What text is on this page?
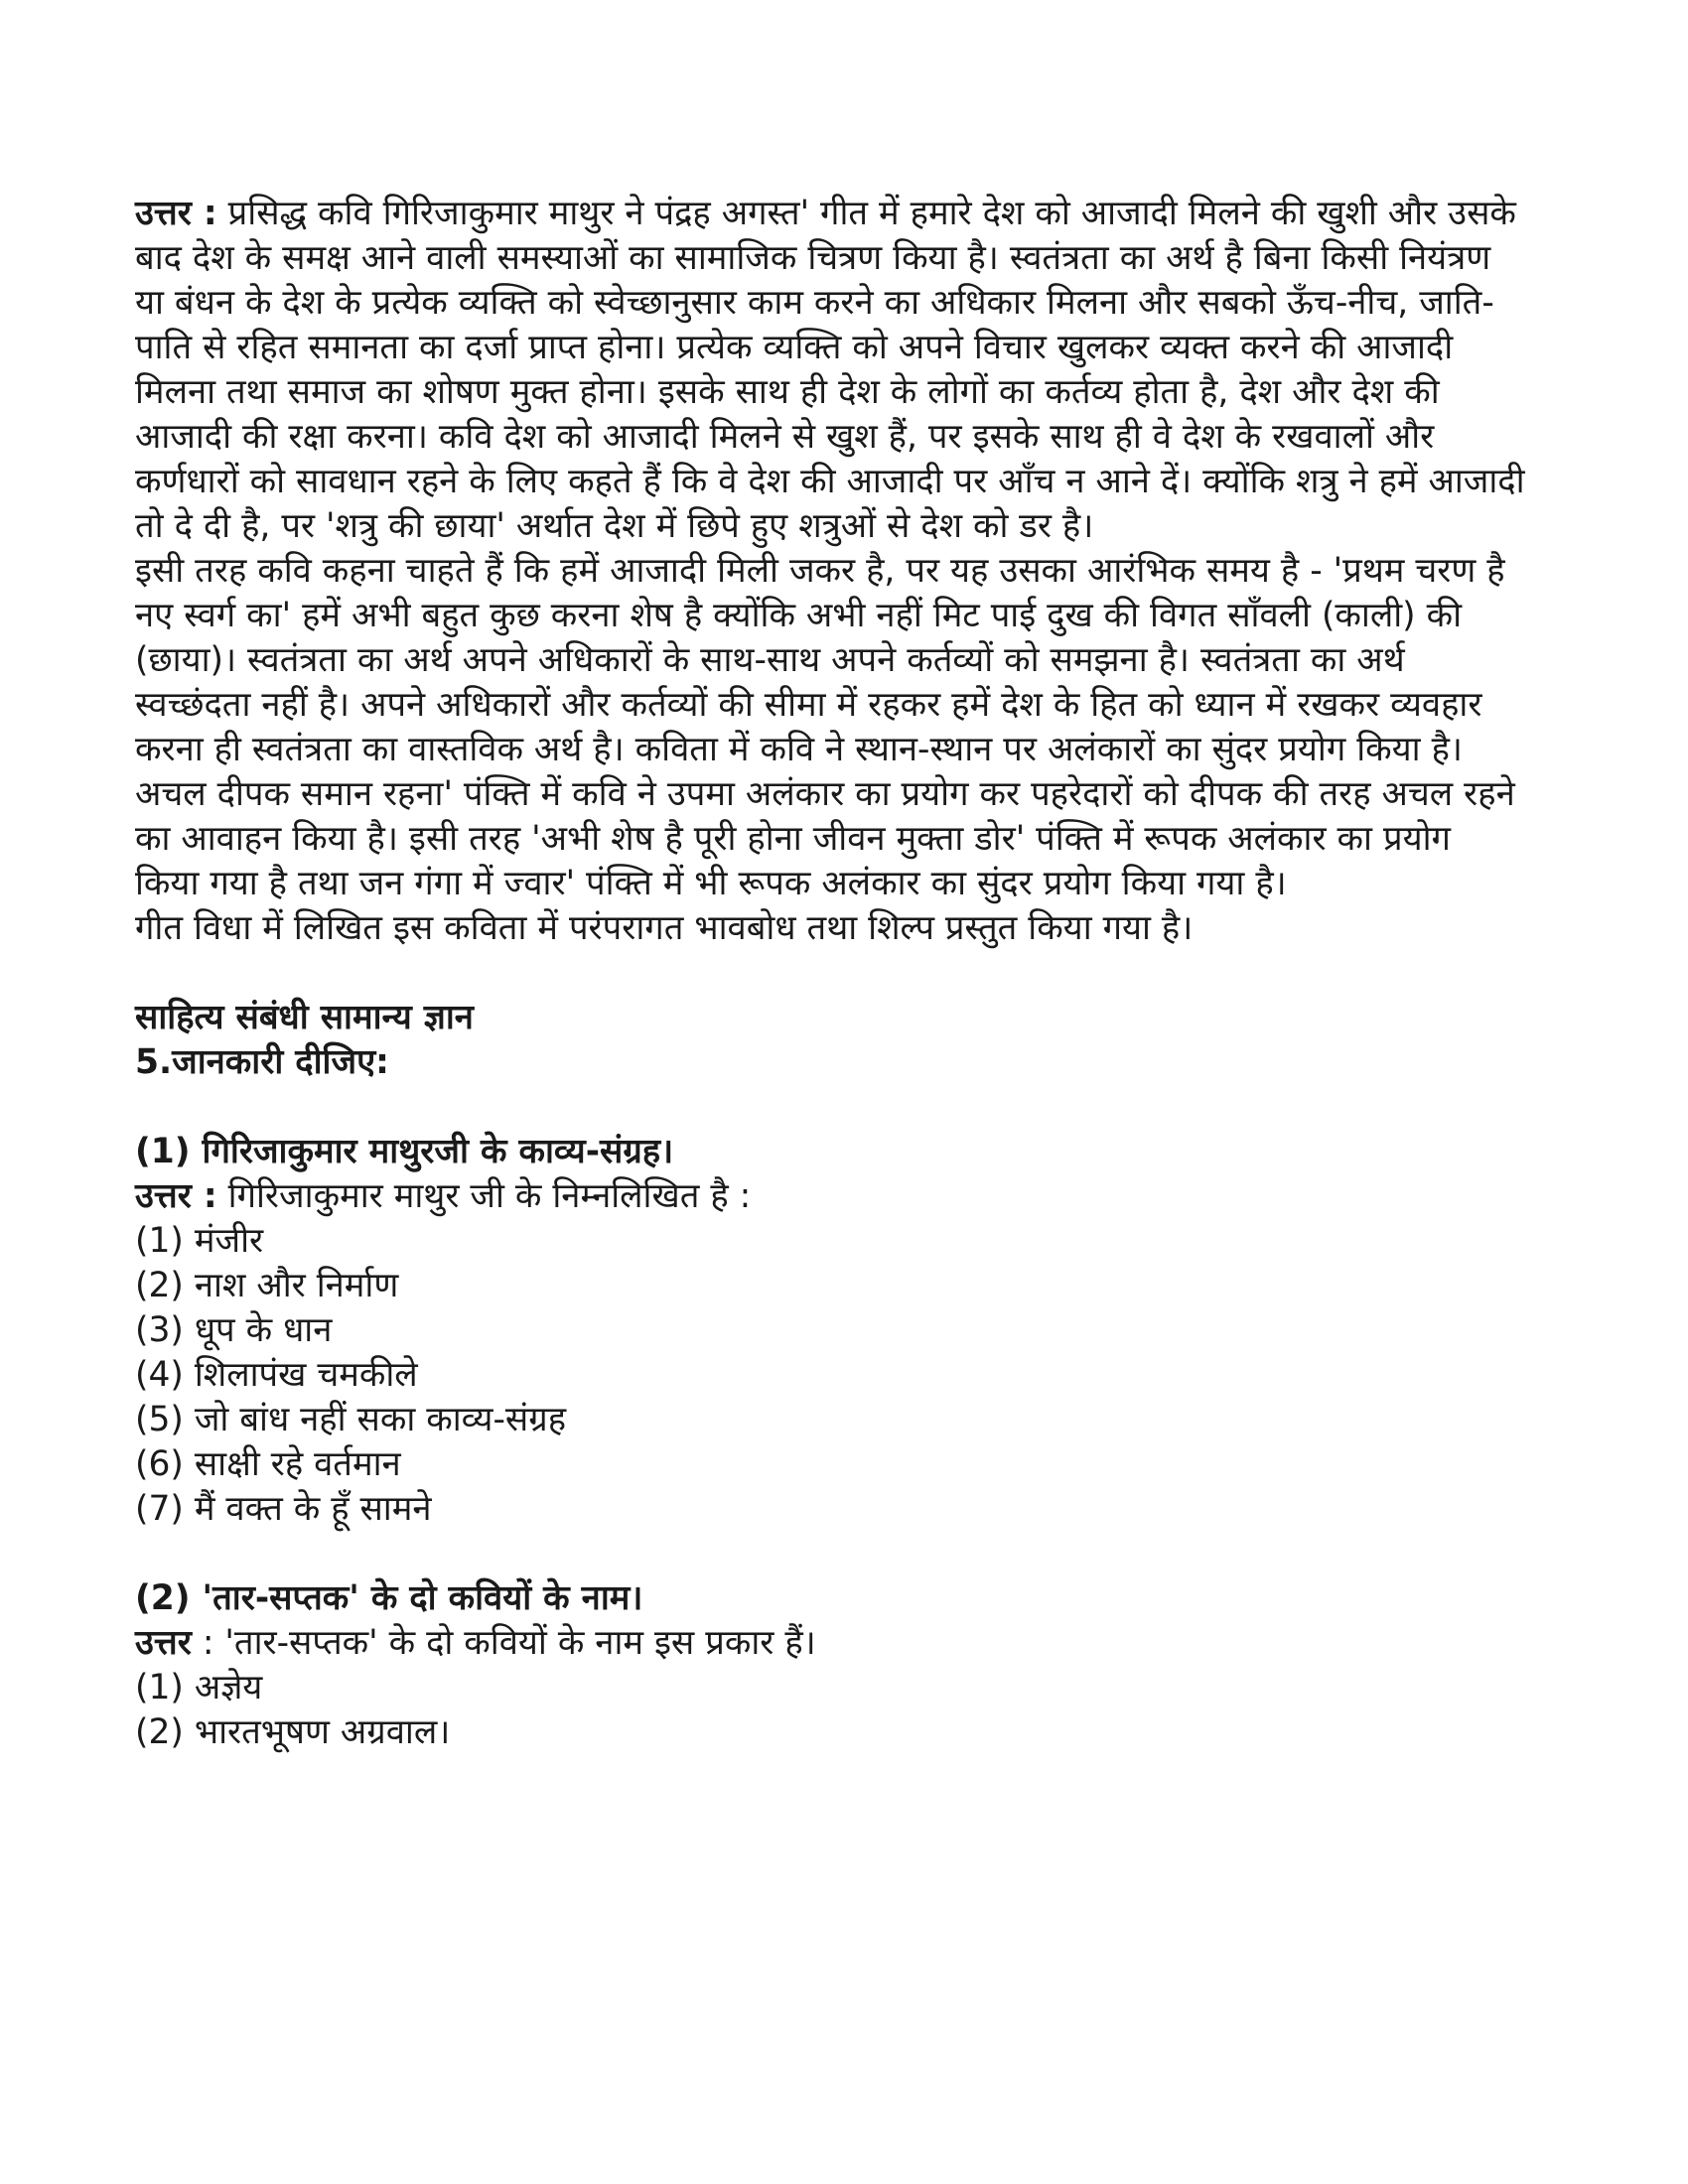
उत्तर : प्रसिद्ध कवि गिरिजाकुमार माथुर ने पंद्रह अगस्त' गीत में हमारे देश को आजादी मिलने की खुशी और उसके बाद देश के समक्ष आने वाली समस्याओं का सामाजिक चित्रण किया है। स्वतंत्रता का अर्थ है बिना किसी नियंत्रण या बंधन के देश के प्रत्येक व्यक्ति को स्वेच्छानुसार काम करने का अधिकार मिलना और सबको ऊँच-नीच, जाति-पाति से रहित समानता का दर्जा प्राप्त होना। प्रत्येक व्यक्ति को अपने विचार खुलकर व्यक्त करने की आजादी मिलना तथा समाज का शोषण मुक्त होना। इसके साथ ही देश के लोगों का कर्तव्य होता है, देश और देश की आजादी की रक्षा करना। कवि देश को आजादी मिलने से खुश हैं, पर इसके साथ ही वे देश के रखवालों और कर्णधारों को सावधान रहने के लिए कहते हैं कि वे देश की आजादी पर आँच न आने दें। क्योंकि शत्रु ने हमें आजादी तो दे दी है, पर 'शत्रु की छाया' अर्थात देश में छिपे हुए शत्रुओं से देश को डर है।

इसी तरह कवि कहना चाहते हैं कि हमें आजादी मिली जकर है, पर यह उसका आरंभिक समय है - 'प्रथम चरण है नए स्वर्ग का' हमें अभी बहुत कुछ करना शेष है क्योंकि अभी नहीं मिट पाई दुख की विगत साँवली (काली) की (छाया)। स्वतंत्रता का अर्थ अपने अधिकारों के साथ-साथ अपने कर्तव्यों को समझना है। स्वतंत्रता का अर्थ स्वच्छंदता नहीं है। अपने अधिकारों और कर्तव्यों की सीमा में रहकर हमें देश के हित को ध्यान में रखकर व्यवहार करना ही स्वतंत्रता का वास्तविक अर्थ है। कविता में कवि ने स्थान-स्थान पर अलंकारों का सुंदर प्रयोग किया है। अचल दीपक समान रहना' पंक्ति में कवि ने उपमा अलंकार का प्रयोग कर पहरेदारों को दीपक की तरह अचल रहने का आवाहन किया है। इसी तरह 'अभी शेष है पूरी होना जीवन मुक्ता डोर' पंक्ति में रूपक अलंकार का प्रयोग किया गया है तथा जन गंगा में ज्वार' पंक्ति में भी रूपक अलंकार का सुंदर प्रयोग किया गया है।

गीत विधा में लिखित इस कविता में परंपरागत भावबोध तथा शिल्प प्रस्तुत किया गया है।

साहित्य संबंधी सामान्य ज्ञान

5.जानकारी दीजिए:

(1) गिरिजाकुमार माथुरजी के काव्य-संग्रह।

उत्तर : गिरिजाकुमार माथुर जी के निम्नलिखित है :

(1) मंजीर
(2) नाश और निर्माण
(3) धूप के धान
(4) शिलापंख चमकीले
(5) जो बांध नहीं सका काव्य-संग्रह
(6) साक्षी रहे वर्तमान
(7) मैं वक्त के हूँ सामने

(2) 'तार-सप्तक' के दो कवियों के नाम।

उत्तर : 'तार-सप्तक' के दो कवियों के नाम इस प्रकार हैं।

(1) अज्ञेय
(2) भारतभूषण अग्रवाल।
